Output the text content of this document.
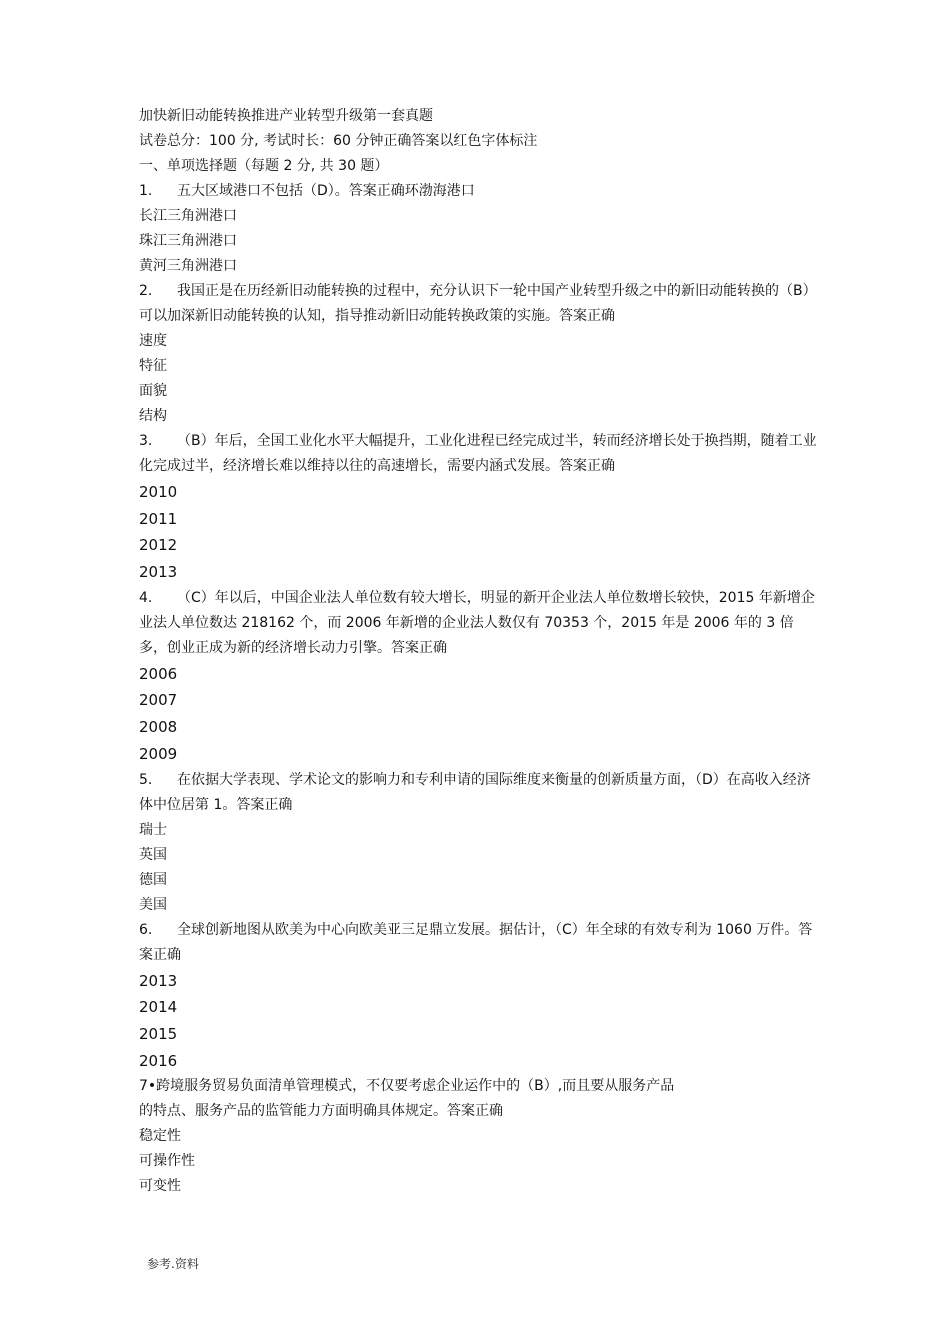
加快新旧动能转换推进产业转型升级第一套真题
试卷总分：100 分, 考试时长：60 分钟正确答案以红色字体标注
一、单项选择题（每题 2 分, 共 30 题）
1. 五大区域港口不包括（D）。答案正确环渤海港口
长江三角洲港口
珠江三角洲港口
黄河三角洲港口
2. 我国正是在历经新旧动能转换的过程中，充分认识下一轮中国产业转型升级之中的新旧动能转换的（B）可以加深新旧动能转换的认知，指导推动新旧动能转换政策的实施。答案正确
速度
特征
面貌
结构
3. （B）年后，全国工业化水平大幅提升，工业化进程已经完成过半，转而经济增长处于换挡期，随着工业化完成过半，经济增长难以维持以往的高速增长，需要内涵式发展。答案正确
2010
2011
2012
2013
4. （C）年以后，中国企业法人单位数有较大增长，明显的新开企业法人单位数增长较快，2015 年新增企业法人单位数达 218162 个，而 2006 年新增的企业法人数仅有 70353 个，2015 年是 2006 年的 3 倍多，创业正成为新的经济增长动力引擎。答案正确
2006
2007
2008
2009
5. 在依据大学表现、学术论文的影响力和专利申请的国际维度来衡量的创新质量方面，（D）在高收入经济体中位居第 1。答案正确
瑞士
英国
德国
美国
6. 全球创新地图从欧美为中心向欧美亚三足鼎立发展。据估计，（C）年全球的有效专利为 1060 万件。答案正确
2013
2014
2015
2016
7•跨境服务贸易负面清单管理模式，不仅要考虑企业运作中的（B）,而且要从服务产品
的特点、服务产品的监管能力方面明确具体规定。答案正确
稳定性
可操作性
可变性
参考.资料
